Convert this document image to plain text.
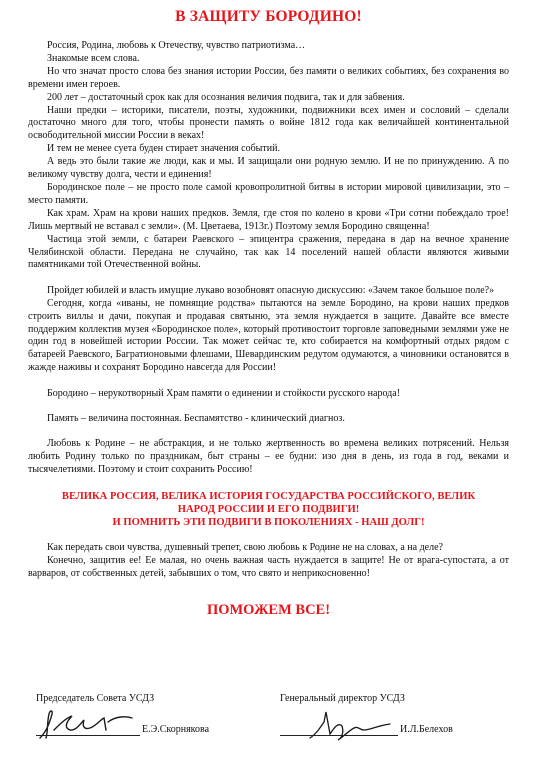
В ЗАЩИТУ БОРОДИНО!

Россия, Родина, любовь к Отечеству, чувство патриотизма…

Знакомые всем слова.

Но что значат просто слова без знания истории России, без памяти о великих событиях, без сохранения во времени имен героев.

200 лет – достаточный срок как для осознания величия подвига, так и для забвения.

Наши предки – историки, писатели, поэты, художники, подвижники всех имен и сословий – сделали достаточно много для того, чтобы пронести память о войне 1812 года как величайшей континентальной освободительной миссии России в веках!

И тем не менее суета буден стирает значения событий.

А ведь это были такие же люди, как и мы. И защищали они родную землю. И не по принуждению. А по великому чувству долга, чести и единения!

Бородинское поле – не просто поле самой кровопролитной битвы в истории мировой цивилизации, это – место памяти.

Как храм. Храм на крови наших предков. Земля, где стоя по колено в крови «Три сотни побеждало трое! Лишь мертвый не вставал с земли». (М. Цветаева, 1913г.) Поэтому земля Бородино священна!

Частица этой земли, с батареи Раевского – эпицентра сражения, передана в дар на вечное хранение Челябинской области. Передана не случайно, так как 14 поселений нашей области являются живыми памятниками той Отечественной войны.

Пройдет юбилей и власть имущие лукаво возобновят опасную дискуссию: «Зачем такое большое поле?»

Сегодня, когда «иваны, не помнящие родства» пытаются на земле Бородино, на крови наших предков строить виллы и дачи, покупая и продавая святыню, эта земля нуждается в защите. Давайте все вместе поддержим коллектив музея «Бородинское поле», который противостоит торговле заповедными землями уже не один год в новейшей истории России. Так может сейчас те, кто собирается на комфортный отдых рядом с батареей Раевского, Багратионовыми флешами, Шевардинским редутом одумаются, а чиновники остановятся в жажде наживы и сохранят Бородино навсегда для России!

Бородино – нерукотворный Храм памяти о единении и стойкости русского народа!

Память – величина постоянная. Беспамятство - клинический диагноз.

Любовь к Родине – не абстракция, и не только жертвенность во времена великих потрясений. Нельзя любить Родину только по праздникам, быт страны – ее будни: изо дня в день, из года в год, веками и тысячелетиями. Поэтому и стоит сохранить Россию!

ВЕЛИКА РОССИЯ, ВЕЛИКА ИСТОРИЯ ГОСУДАРСТВА РОССИЙСКОГО, ВЕЛИК
НАРОД РОССИИ И ЕГО ПОДВИГИ!
И ПОМНИТЬ ЭТИ ПОДВИГИ В ПОКОЛЕНИЯХ - НАШ ДОЛГ!

Как передать свои чувства, душевный трепет, свою любовь к Родине не на словах, а на деле?

Конечно, защитив ее! Ее малая, но очень важная часть нуждается в защите! Не от врага-супостата, а от варваров, от собственных детей, забывших о том, что свято и неприкосновенно!

ПОМОЖЕМ ВСЕ!
Председатель Совета УСДЗ
Е.Э.Скорнякова
Генеральный директор УСДЗ
И.Л.Белехов
